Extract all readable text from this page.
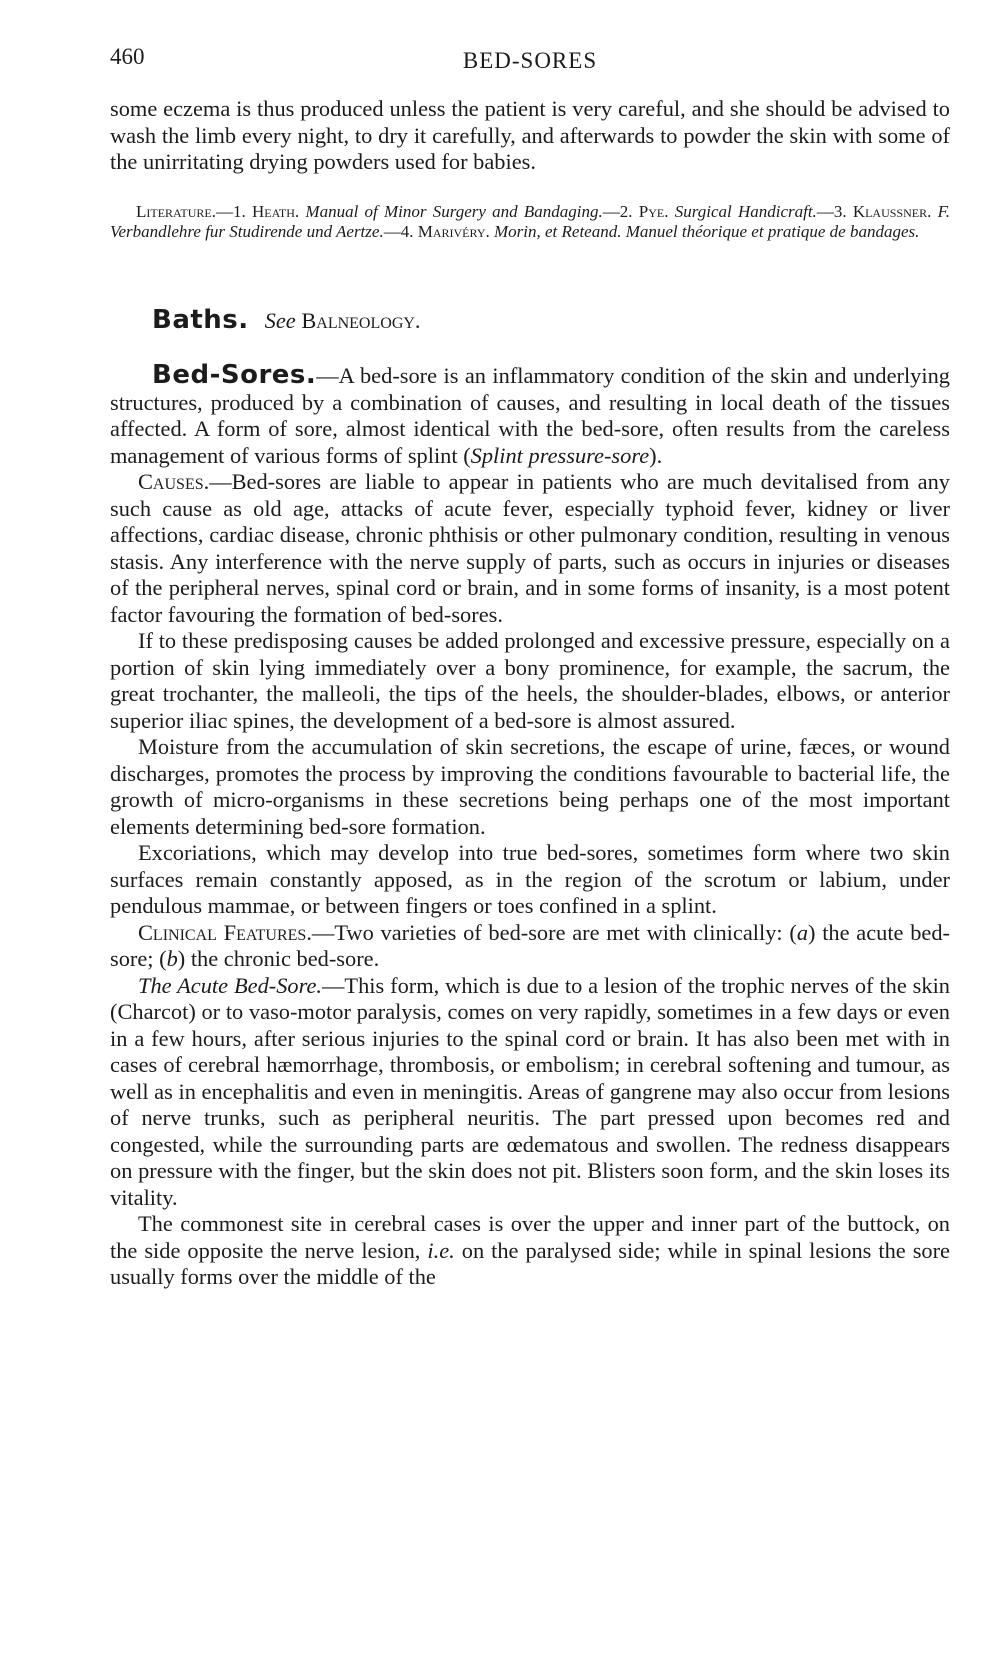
460	BED-SORES

some eczema is thus produced unless the patient is very careful, and she should be advised to wash the limb every night, to dry it carefully, and afterwards to powder the skin with some of the unirritating drying powders used for babies.

Literature.—1. Heath. Manual of Minor Surgery and Bandaging.—2. Pye. Surgical Handicraft.—3. Klaussner. F. Verbandlehre fur Studirende und Aertze.—4. Marivéry. Morin, et Reteand. Manuel théorique et pratique de bandages.

Baths. See Balneology.

Bed-Sores.—A bed-sore is an inflammatory condition of the skin and underlying structures, produced by a combination of causes, and resulting in local death of the tissues affected. A form of sore, almost identical with the bed-sore, often results from the careless management of various forms of splint (Splint pressure-sore).

Causes.—Bed-sores are liable to appear in patients who are much devitalised from any such cause as old age, attacks of acute fever, especially typhoid fever, kidney or liver affections, cardiac disease, chronic phthisis or other pulmonary condition, resulting in venous stasis. Any interference with the nerve supply of parts, such as occurs in injuries or diseases of the peripheral nerves, spinal cord or brain, and in some forms of insanity, is a most potent factor favouring the formation of bed-sores.

If to these predisposing causes be added prolonged and excessive pressure, especially on a portion of skin lying immediately over a bony prominence, for example, the sacrum, the great trochanter, the malleoli, the tips of the heels, the shoulder-blades, elbows, or anterior superior iliac spines, the development of a bed-sore is almost assured.

Moisture from the accumulation of skin secretions, the escape of urine, fæces, or wound discharges, promotes the process by improving the conditions favourable to bacterial life, the growth of micro-organisms in these secretions being perhaps one of the most important elements determining bed-sore formation.

Excoriations, which may develop into true bed-sores, sometimes form where two skin surfaces remain constantly apposed, as in the region of the scrotum or labium, under pendulous mammae, or between fingers or toes confined in a splint.

Clinical Features.—Two varieties of bed-sore are met with clinically: (a) the acute bed-sore; (b) the chronic bed-sore.

The Acute Bed-Sore.—This form, which is due to a lesion of the trophic nerves of the skin (Charcot) or to vaso-motor paralysis, comes on very rapidly, sometimes in a few days or even in a few hours, after serious injuries to the spinal cord or brain. It has also been met with in cases of cerebral hæmorrhage, thrombosis, or embolism; in cerebral softening and tumour, as well as in encephalitis and even in meningitis. Areas of gangrene may also occur from lesions of nerve trunks, such as peripheral neuritis. The part pressed upon becomes red and congested, while the surrounding parts are œdematous and swollen. The redness disappears on pressure with the finger, but the skin does not pit. Blisters soon form, and the skin loses its vitality.

The commonest site in cerebral cases is over the upper and inner part of the buttock, on the side opposite the nerve lesion, i.e. on the paralysed side; while in spinal lesions the sore usually forms over the middle of the
